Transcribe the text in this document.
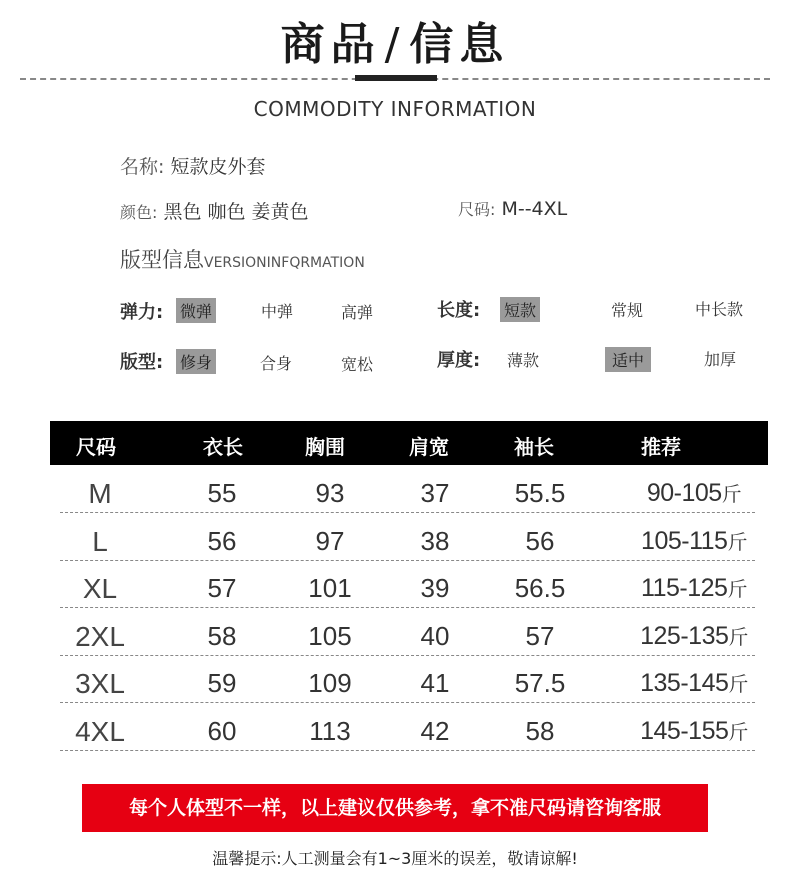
商品/信息
COMMODITY INFORMATION
名称: 短款皮外套
颜色: 黑色 咖色 姜黄色	尺码: M--4XL
版型信息VERSIONINFQRMATION
弹力: 微弹	中弹	高弹	长度: 短款	常规	中长款
版型: 修身	合身	宽松	厚度: 薄款	适中	加厚
尺码	衣长	胸围	肩宽	袖长	推荐
M	55	93	37	55.5	90-105斤
L	56	97	38	56	105-115斤
XL	57	101	39	56.5	115-125斤
2XL	58	105	40	57	125-135斤
3XL	59	109	41	57.5	135-145斤
4XL	60	113	42	58	145-155斤
每个人体型不一样，以上建议仅供参考，拿不准尺码请咨询客服
温馨提示:人工测量会有1~3厘米的误差，敬请谅解!
